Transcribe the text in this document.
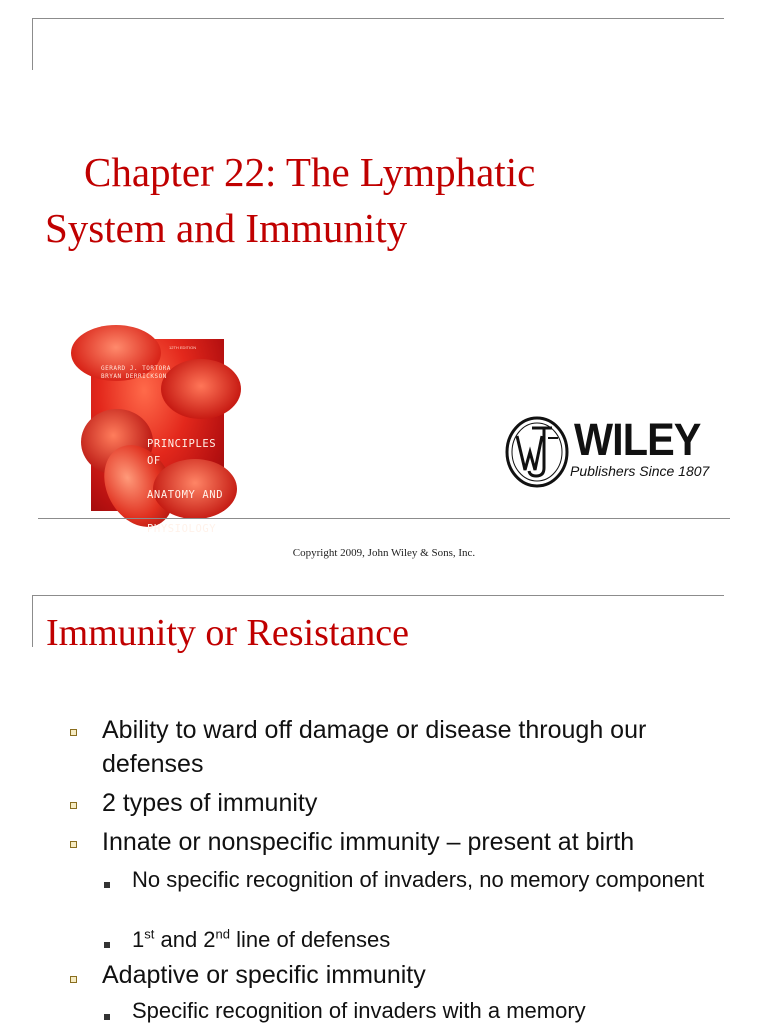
Chapter 22: The Lymphatic
System and Immunity
12TH EDITION
GERARD J. TORTORA
BRYAN DERRICKSON

PRINCIPLES OF

ANATOMY AND

PHYSIOLOGY

WILEY
Publishers Since 1807

Copyright 2009, John Wiley & Sons, Inc.

Immunity or Resistance
Ability to ward off damage or disease through our defenses
2 types of immunity
Innate or nonspecific immunity – present at birth
No specific recognition of invaders, no memory component
1st and 2nd line of defenses
Adaptive or specific immunity
Specific recognition of invaders with a memory
